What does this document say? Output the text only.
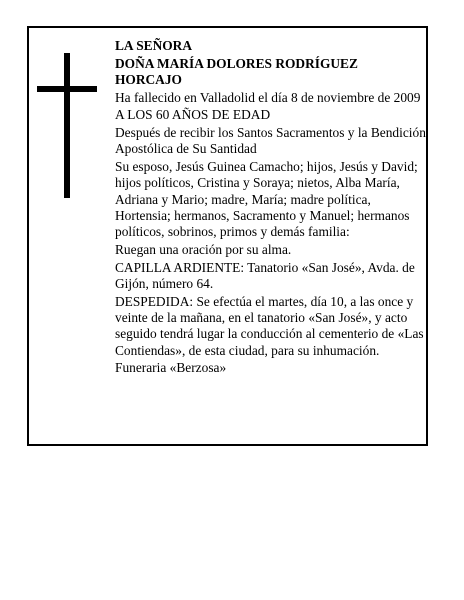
LA SEÑORA

DOÑA MARÍA DOLORES RODRÍGUEZ HORCAJO

Ha fallecido en Valladolid el día 8 de noviembre de 2009

A LOS 60 AÑOS DE EDAD

Después de recibir los Santos Sacramentos y la Bendición Apostólica de Su Santidad

Su esposo, Jesús Guinea Camacho; hijos, Jesús y David; hijos políticos, Cristina y Soraya; nietos, Alba María, Adriana y Mario; madre, María; madre política, Hortensia; hermanos, Sacramento y Manuel; hermanos políticos, sobrinos, primos y demás familia:

Ruegan una oración por su alma.

CAPILLA ARDIENTE: Tanatorio «San José», Avda. de Gijón, número 64.

DESPEDIDA: Se efectúa el martes, día 10, a las once y veinte de la mañana, en el tanatorio «San José», y acto seguido tendrá lugar la conducción al cementerio de «Las Contiendas», de esta ciudad, para su inhumación.

Funeraria «Berzosa»
